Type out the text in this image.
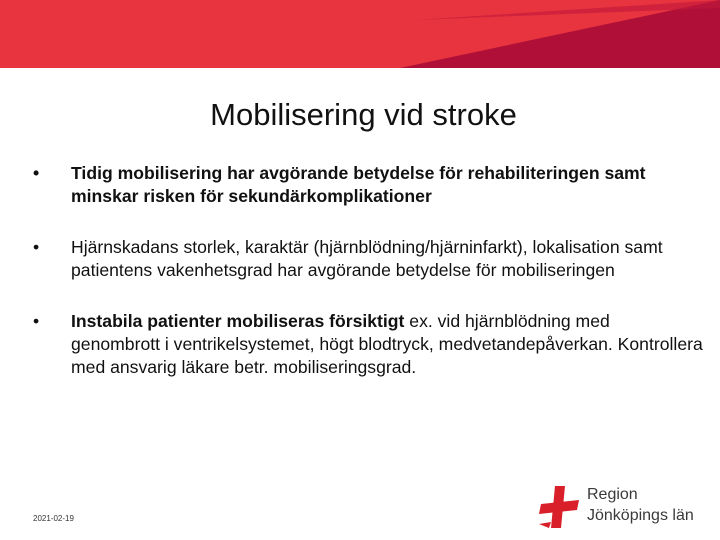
Mobilisering vid stroke
•	Tidig mobilisering har avgörande betydelse för rehabiliteringen samt minskar risken för sekundärkomplikationer
•	Hjärnskadans storlek, karaktär (hjärnblödning/hjärninfarkt), lokalisation samt patientens vakenhetsgrad har avgörande betydelse för mobiliseringen
•	Instabila patienter mobiliseras försiktigt ex. vid hjärnblödning med genombrott i ventrikelsystemet, högt blodtryck, medvetandepåverkan. Kontrollera med ansvarig läkare betr. mobiliseringsgrad.
2021-02-19
Region
Jönköpings län
